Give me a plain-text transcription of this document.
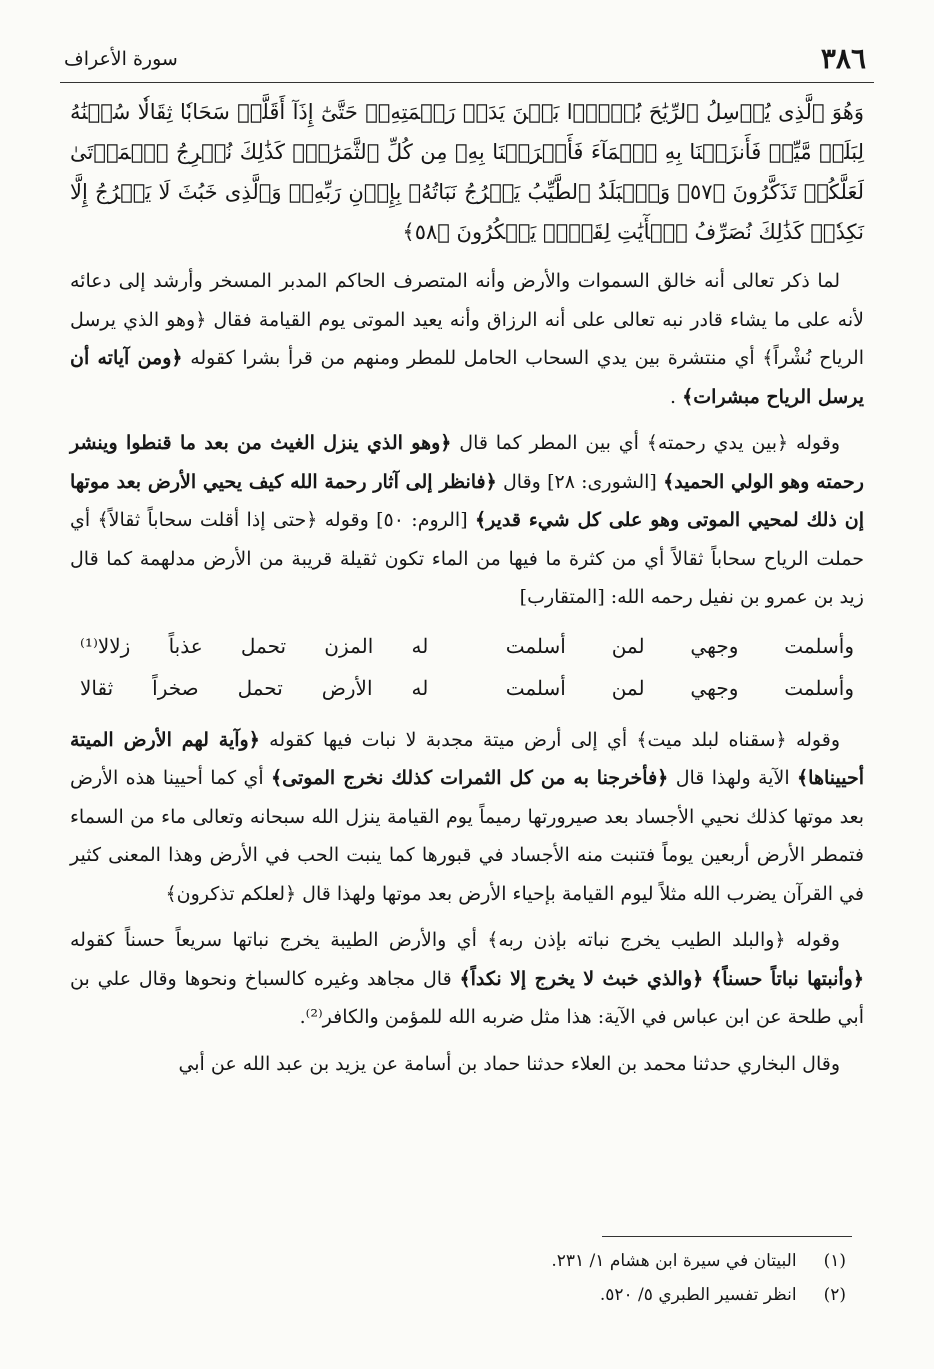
٣٨٦
سورة الأعراف

وَهُوَ ٱلَّذِى يُرۡسِلُ ٱلرِّيَٰحَ بُشۡرَۢا بَيۡنَ يَدَىۡ رَحۡمَتِهِۦۖ حَتَّىٰٓ إِذَآ أَقَلَّتۡ سَحَابٗا ثِقَالٗا سُقۡنَٰهُ لِبَلَدٖ مَّيِّتٖ فَأَنزَلۡنَا بِهِ ٱلۡمَآءَ فَأَخۡرَجۡنَا بِهِۦ مِن كُلِّ ٱلثَّمَرَٰتِۚ كَذَٰلِكَ نُخۡرِجُ ٱلۡمَوۡتَىٰ لَعَلَّكُمۡ تَذَكَّرُونَ ﴿٥٧﴾ وَٱلۡبَلَدُ ٱلطَّيِّبُ يَخۡرُجُ نَبَاتُهُۥ بِإِذۡنِ رَبِّهِۦۖ وَٱلَّذِى خَبُثَ لَا يَخۡرُجُ إِلَّا نَكِدٗاۚ كَذَٰلِكَ نُصَرِّفُ ٱلۡأٓيَٰتِ لِقَوۡمٖ يَشۡكُرُونَ ﴿٥٨﴾

لما ذكر تعالى أنه خالق السموات والأرض وأنه المتصرف الحاكم المدبر المسخر وأرشد إلى دعائه لأنه على ما يشاء قادر نبه تعالى على أنه الرزاق وأنه يعيد الموتى يوم القيامة فقال ﴿وهو الذي يرسل الرياح نُشْراً﴾ أي منتشرة بين يدي السحاب الحامل للمطر ومنهم من قرأ بشرا كقوله ﴿ومن آياته أن يرسل الرياح مبشرات﴾ .

وقوله ﴿بين يدي رحمته﴾ أي بين المطر كما قال ﴿وهو الذي ينزل الغيث من بعد ما قنطوا وينشر رحمته وهو الولي الحميد﴾ [الشورى: ٢٨] وقال ﴿فانظر إلى آثار رحمة الله كيف يحيي الأرض بعد موتها إن ذلك لمحيي الموتى وهو على كل شيء قدير﴾ [الروم: ٥٠] وقوله ﴿حتى إذا أقلت سحاباً ثقالاً﴾ أي حملت الرياح سحاباً ثقالاً أي من كثرة ما فيها من الماء تكون ثقيلة قريبة من الأرض مدلهمة كما قال زيد بن عمرو بن نفيل رحمه الله: [المتقارب]

وأسلمت وجهي لمن أسلمت
له المزن تحمل عذباً زلالا⁽¹⁾
وأسلمت وجهي لمن أسلمت
له الأرض تحمل صخراً ثقالا

وقوله ﴿سقناه لبلد ميت﴾ أي إلى أرض ميتة مجدبة لا نبات فيها كقوله ﴿وآية لهم الأرض الميتة أحييناها﴾ الآية ولهذا قال ﴿فأخرجنا به من كل الثمرات كذلك نخرج الموتى﴾ أي كما أحيينا هذه الأرض بعد موتها كذلك نحيي الأجساد بعد صيرورتها رميماً يوم القيامة ينزل الله سبحانه وتعالى ماء من السماء فتمطر الأرض أربعين يوماً فتنبت منه الأجساد في قبورها كما ينبت الحب في الأرض وهذا المعنى كثير في القرآن يضرب الله مثلاً ليوم القيامة بإحياء الأرض بعد موتها ولهذا قال ﴿لعلكم تذكرون﴾

وقوله ﴿والبلد الطيب يخرج نباته بإذن ربه﴾ أي والأرض الطيبة يخرج نباتها سريعاً حسناً كقوله ﴿وأنبتها نباتاً حسناً﴾ ﴿والذي خبث لا يخرج إلا نكداً﴾ قال مجاهد وغيره كالسباخ ونحوها وقال علي بن أبي طلحة عن ابن عباس في الآية: هذا مثل ضربه الله للمؤمن والكافر⁽²⁾.

وقال البخاري حدثنا محمد بن العلاء حدثنا حماد بن أسامة عن يزيد بن عبد الله عن أبي

(١) البيتان في سيرة ابن هشام ١/ ٢٣١.
(٢) انظر تفسير الطبري ٥/ ٥٢٠.
